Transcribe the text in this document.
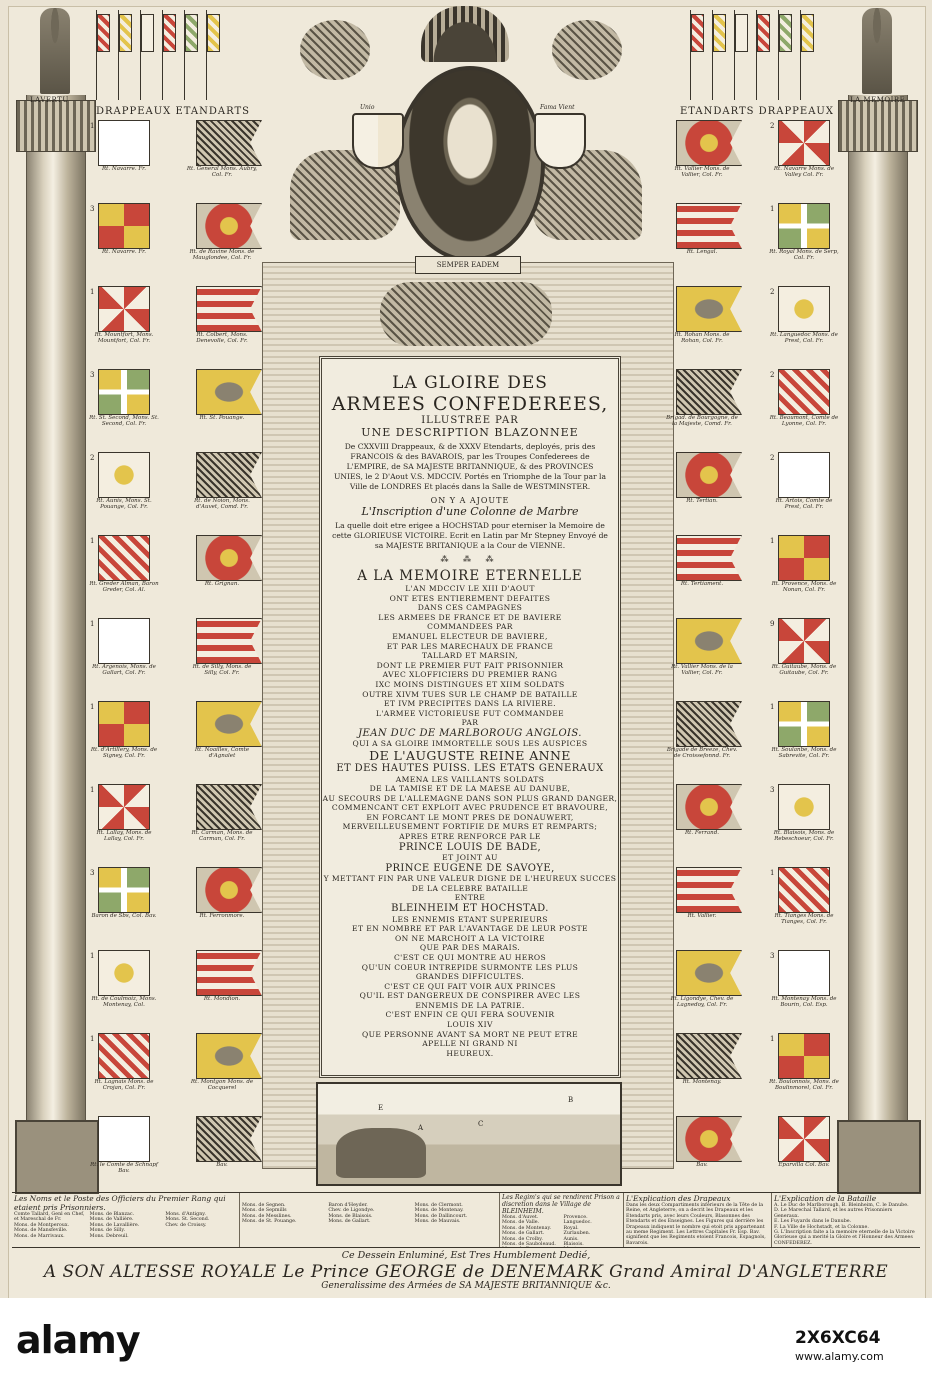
LAVERTU	LA MEMOIRE
DRAPPEAUX ETANDARTS	ETANDARTS DRAPPEAUX
Unio	Fama Vient
SEMPER EADEM
LA GLOIRE DES
ARMEES CONFEDEREES,
ILLUSTREE PAR
UNE DESCRIPTION BLAZONNEE
De CXXVIII Drappeaux, & de XXXV Etendarts, deployés, pris des FRANCOIS & des BAVAROIS, par les Troupes Confederees de L'EMPIRE, de SA MAJESTE BRITANNIQUE, & des PROVINCES UNIES, le 2 D'Aout V.S. MDCCIV. Portés en Triomphe de la Tour par la Ville de LONDRES Et placés dans la Salle de WESTMINSTER.
ON Y A AJOUTE
L'Inscription d'une Colonne de Marbre
La quelle doit etre erigee a HOCHSTAD pour eterniser la Memoire de cette GLORIEUSE VICTOIRE. Ecrit en Latin par Mr Stepney Envoyé de sa MAJESTE BRITANIQUE a la Cour de VIENNE.
⁂ ⁂ ⁂
A LA MEMOIRE ETERNELLE
L'AN MDCCIV LE XIII D'AOUT
ONT ETES ENTIEREMENT DEFAITES
DANS CES CAMPAGNES
LES ARMEES DE FRANCE ET DE BAVIERE
COMMANDEES PAR
EMANUEL ELECTEUR DE BAVIERE,
ET PAR LES MARECHAUX DE FRANCE
TALLARD ET MARSIN,
DONT LE PREMIER FUT FAIT PRISONNIER
AVEC XLOFFICIERS DU PREMIER RANG
IXC MOINS DISTINGUES ET XIIM SOLDATS
OUTRE XIVM TUES SUR LE CHAMP DE BATAILLE
ET IVM PRECIPITES DANS LA RIVIERE.
L'ARMEE VICTORIEUSE FUT COMMANDEE
PAR
JEAN DUC DE MARLBOROUG ANGLOIS.
QUI A SA GLOIRE IMMORTELLE SOUS LES AUSPICES
DE L'AUGUSTE REINE ANNE
ET DES HAUTES PUISS. LES ETATS GENERAUX
AMENA LES VAILLANTS SOLDATS
DE LA TAMISE ET DE LA MAESE AU DANUBE,
AU SECOURS DE L'ALLEMAGNE DANS SON PLUS GRAND DANGER,
COMMENCANT CET EXPLOIT AVEC PRUDENCE ET BRAVOURE,
EN FORCANT LE MONT PRES DE DONAUWERT,
MERVEILLEUSEMENT FORTIFIE DE MURS ET REMPARTS;
APRES ETRE RENFORCE PAR LE
PRINCE LOUIS DE BADE,
ET JOINT AU
PRINCE EUGENE DE SAVOYE,
Y METTANT FIN PAR UNE VALEUR DIGNE DE L'HEUREUX SUCCES
DE LA CELEBRE BATAILLE
ENTRE
BLEINHEIM ET HOCHSTAD.
LES ENNEMIS ETANT SUPERIEURS
ET EN NOMBRE ET PAR L'AVANTAGE DE LEUR POSTE
ON NE MARCHOIT A LA VICTOIRE
QUE PAR DES MARAIS.
C'EST CE QUI MONTRE AU HEROS
QU'UN COEUR INTREPIDE SURMONTE LES PLUS
GRANDES DIFFICULTES.
C'EST CE QUI FAIT VOIR AUX PRINCES
QU'IL EST DANGEREUX DE CONSPIRER AVEC LES
ENNEMIS DE LA PATRIE.
C'EST ENFIN CE QUI FERA SOUVENIR
LOUIS XIV
QUE PERSONNE AVANT SA MORT NE PEUT ETRE
APELLE NI GRAND NI
HEUREUX.
E
A
B
C
Rt. Navarre. Fr.
1
Rt. Navarre. Fr.
3
Rt. Mountfort, Mons. Mountfort, Col. Fr.
1
Rt. St. Second, Mons. St. Second, Col. Fr.
3
Rt. Aunis, Mons. St. Pouange, Col. Fr.
2
Rt. Greder Alman, Baron Greder, Col. Al.
1
Rt. Argenois, Mons. de Gallart, Col. Fr.
1
Rt. d'Artillery, Mons. de Signey, Col. Fr.
1
Rt. Lallay, Mons. de Lallay, Col. Fr.
1
Baron de Sbs, Col. Bav.
3
Rt. de Coulmoiz, Mons. Montenay, Col.
1
Rt. Lagnais Mons. de Crojan, Col. Fr.
1
Rt. le Comte de Schnapf Bav.
Rt. General Mons. Aubry, Col. Fr.
Rt. de Ravine Mons. de Mauglondee, Col. Fr.
Rt. Colbert, Mons. Denevolle, Col. Fr.
Rt. St. Pouange.
Rt. de Noion, Mons. d'Auvet, Comd. Fr.
Rt. Grignan.
Rt. de Silly, Mons. de Silly, Col. Fr.
Rt. Noailles, Comte d'Agnalet
Rt. Carman, Mons. de Carman, Col. Fr.
Rt. Ferronmore.
Rt. Mondion.
Rt. Montgon Mons. de Cocquerel
Bav.
Rt. Vallier Mons. de Vallier, Col. Fr.
Rt. Lengal.
Rt. Rohan Mons. de Rohan, Col. Fr.
Brigad. de Bourgogne, de la Majeste, Comd. Fr.
Rt. Tertian.
Rt. Tertiament.
Rt. Vallier Mons. de la Vallier, Col. Fr.
Brigade de Breeze, Chev. de Croissefonnd. Fr.
Rt. Ferrand.
Rt. Vallier.
Rt. Ligondye, Chev. de Lagnedoy, Col. Fr.
Rt. Montenay.
Bav.
Rt. Navarre Mons. de Valley Col. Fr.
2
Rt. Royal Mons. de Serp, Col. Fr.
1
Rt. Languedoc Mons. de Prest, Col. Fr.
2
Rt. Beaumont, Comte de Lyonne, Col. Fr.
2
Rt. Artois, Comte de Prest, Col. Fr.
2
Rt. Provence, Mons. de Nonan, Col. Fr.
1
Rt. Guitaube, Mons. de Guitaube, Col. Fr.
9
Rt. Soulanbe, Mons. de Sabrevite, Col. Fr.
1
Rt. Blaisois, Mons. de Rebeschoeur, Col. Fr.
3
Rt. Tianges Mons. de Tianges, Col. Fr.
1
Rt. Montenay Mons. de Bourin, Col. Esp.
3
Rt. Boulonnois, Mons. de Boulinmorel, Col. Fr.
1
Eparvilla Col. Bav.
Les Noms et le Poste des Officiers du Premier Rang qui etaient pris Prisonniers.
Comte Tallard, Genl en Chef, et Mareschal de Fr.
Mons. de Montperoux.
Mons. de Mansfeville.
Mons. de Marrivaux.
Mons. de Blanzac.
Mons. de Vallière.
Mons. de Lavallière.
Mons. de Silly.
Mons. Debreuil.
Mons. d'Antigny.
Mons. St. Second.
Chev. de Croissy.
Mons. de Segnen.
Mons. de Sepmills
Mons. de Messlines.
Mons. de St. Pouange.
Baron d'Heyder.
Chev. de Ligondye.
Mons. de Blaisois.
Mons. de Gallart.
Mons. de Clermont.
Mons. de Montenay.
Mons. de Dallincourt.
Mons. de Mauvais.
Les Regim's qui se rendirent Prison a discretion dans le Village de BLEINHEIM.
Mons. d'Auvet.
Mons. de Valle.
Mons. de Montenay.
Mons. de Gallart.
Mons. de Crolby.
Mons. de Sauboleaud.
Provence.
Languedoc.
Royal.
Zurlauben.
Aunis.
Blaisois.
L'Explication des Drapeaux
Dans les deux Compartiments inferieurs de la Tête de la Reine, et Angleterre, on a decrit les Drapeaux et les Etendarts pris, avec leurs Couleurs, Blasonnes des Etendarts et des Enseignes. Les Figures qui derrière les Drapeaux indiquent le nombre qui etoit pris appartenant au meme Regiment. Les Lettres Capitales Fr. Esp. Bav. signifient que les Regiments etoient Francois, Espagnols, Bavarois.
L'Explication de la Bataille
A. Le Duc de Marlborough, B. Bleinheim, C. le Danube.
D. Le Marechal Tallard, et les autres Prisonniers Generaux.
E. Les Fuyards dans le Danube.
F. La Ville de Hochstadt, et la Colonne.
G. L'Inscription faite a la memoire eternelle de la Victoire Glorieuse qui a merité la Gloire et l'Honneur des Armees CONFEDEREZ.
Ce Dessein Enluminé, Est Tres Humblement Dedié,
A SON ALTESSE ROYALE Le Prince GEORGE de DENEMARK Grand Amiral D'ANGLETERRE
Generalissime des Armées de SA MAJESTE BRITANNIQUE &c.
alamy	2X6XC64
www.alamy.com
